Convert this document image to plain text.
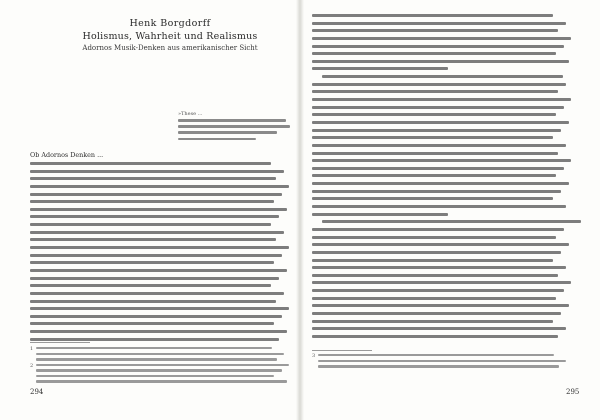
Henk Borgdorff
Holismus, Wahrheit und Realismus
Adornos Musik-Denken aus amerikanischer Sicht
»These ...
Ob Adornos Denken ...
1
2
294
3
295
